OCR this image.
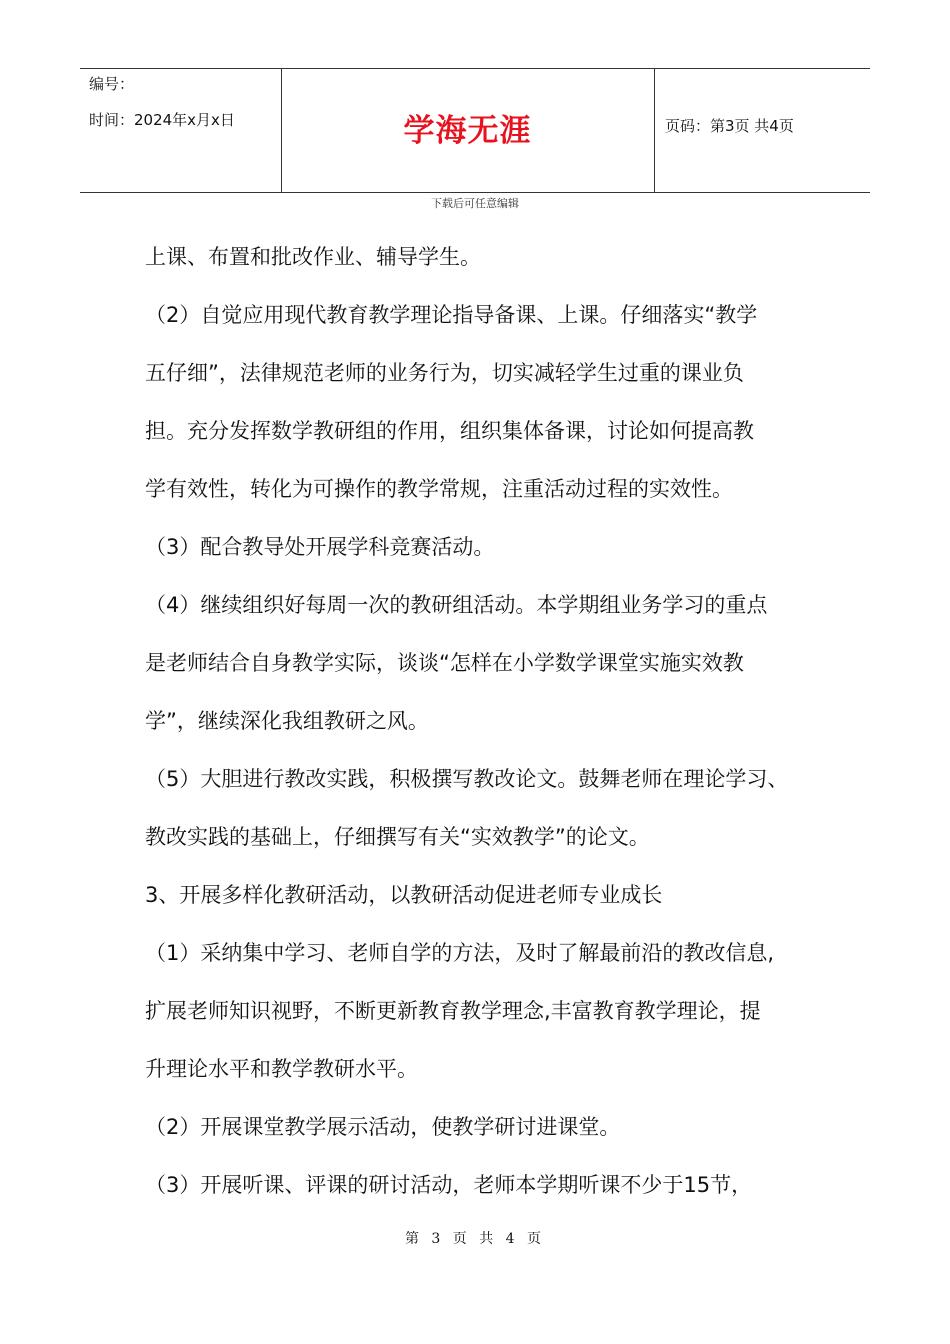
编号：
时间：2024年x月x日	学海无涯	页码：第3页 共4页
下载后可任意编辑
上课、布置和批改作业、辅导学生。
（2）自觉应用现代教育教学理论指导备课、上课。仔细落实“教学
五仔细”，法律规范老师的业务行为，切实减轻学生过重的课业负
担。充分发挥数学教研组的作用，组织集体备课，讨论如何提高教
学有效性，转化为可操作的教学常规，注重活动过程的实效性。
（3）配合教导处开展学科竞赛活动。
（4）继续组织好每周一次的教研组活动。本学期组业务学习的重点
是老师结合自身教学实际，谈谈“怎样在小学数学课堂实施实效教
学”，继续深化我组教研之风。
（5）大胆进行教改实践，积极撰写教改论文。鼓舞老师在理论学习、
教改实践的基础上，仔细撰写有关“实效教学”的论文。
3、开展多样化教研活动，以教研活动促进老师专业成长
（1）采纳集中学习、老师自学的方法，及时了解最前沿的教改信息,
扩展老师知识视野，不断更新教育教学理念,丰富教育教学理论，提
升理论水平和教学教研水平。
（2）开展课堂教学展示活动，使教学研讨进课堂。
（3）开展听课、评课的研讨活动，老师本学期听课不少于15节，
第 3 页 共 4 页
